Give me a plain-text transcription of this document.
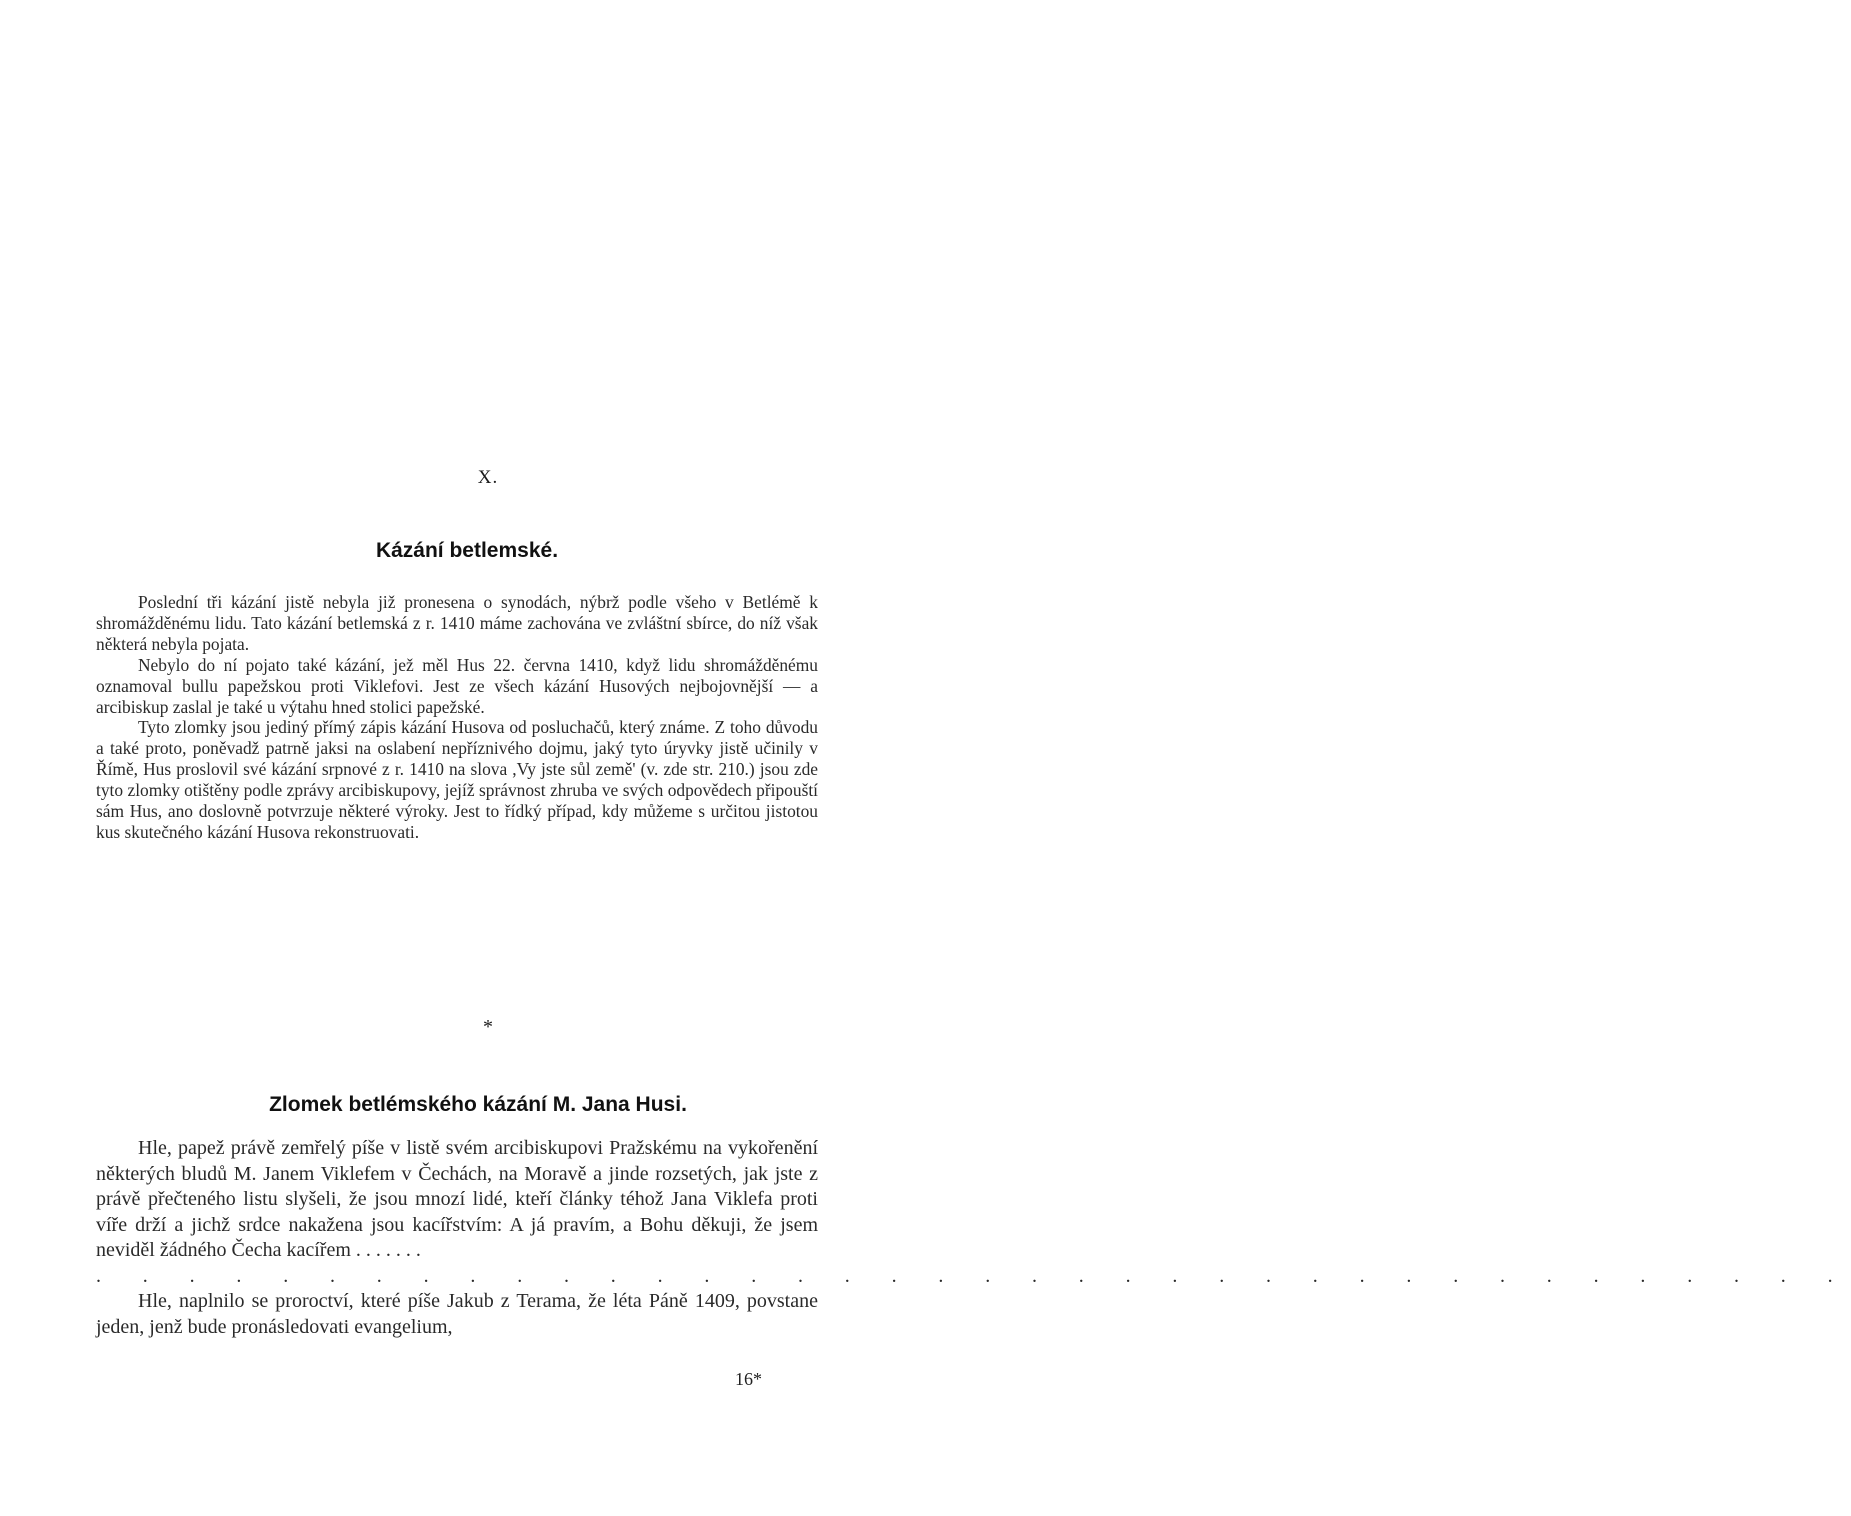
X.
Kázání betlemské.

Poslední tři kázání jistě nebyla již pronesena o synodách, nýbrž podle všeho v Betlémě k shromážděnému lidu. Tato kázání betlemská z r. 1410 máme zachována ve zvláštní sbírce, do níž však některá nebyla pojata.

Nebylo do ní pojato také kázání, jež měl Hus 22. června 1410, když lidu shromážděnému oznamoval bullu papežskou proti Viklefovi. Jest ze všech kázání Husových nejbojovnější — a arcibiskup zaslal je také u výtahu hned stolici papežské.

Tyto zlomky jsou jediný přímý zápis kázání Husova od posluchačů, který známe. Z toho důvodu a také proto, poněvadž patrně jaksi na oslabení nepříznivého dojmu, jaký tyto úryvky jistě učinily v Římě, Hus proslovil své kázání srpnové z r. 1410 na slova ,Vy jste sůl země' (v. zde str. 210.) jsou zde tyto zlomky otištěny podle zprávy arcibiskupovy, jejíž správnost zhruba ve svých odpovědech připouští sám Hus, ano doslovně potvrzuje některé výroky. Jest to řídký případ, kdy můžeme s určitou jistotou kus skutečného kázání Husova rekonstruovati.

*
Zlomek betlémského kázání M. Jana Husi.

Hle, papež právě zemřelý píše v listě svém arcibiskupovi Pražskému na vykořenění některých bludů M. Janem Viklefem v Čechách, na Moravě a jinde rozsetých, jak jste z právě přečteného listu slyšeli, že jsou mnozí lidé, kteří články téhož Jana Viklefa proti víře drží a jichž srdce nakažena jsou kacířstvím: A já pravím, a Bohu děkuji, že jsem neviděl žádného Čecha kacířem . . . . . . .

. . . . . . . . . . . . . . . . . . . . . . . . . . . . . . . . . . . . . .

Hle, naplnilo se proroctví, které píše Jakub z Terama, že léta Páně 1409, povstane jeden, jenž bude pronásledovati evangelium,

16*
